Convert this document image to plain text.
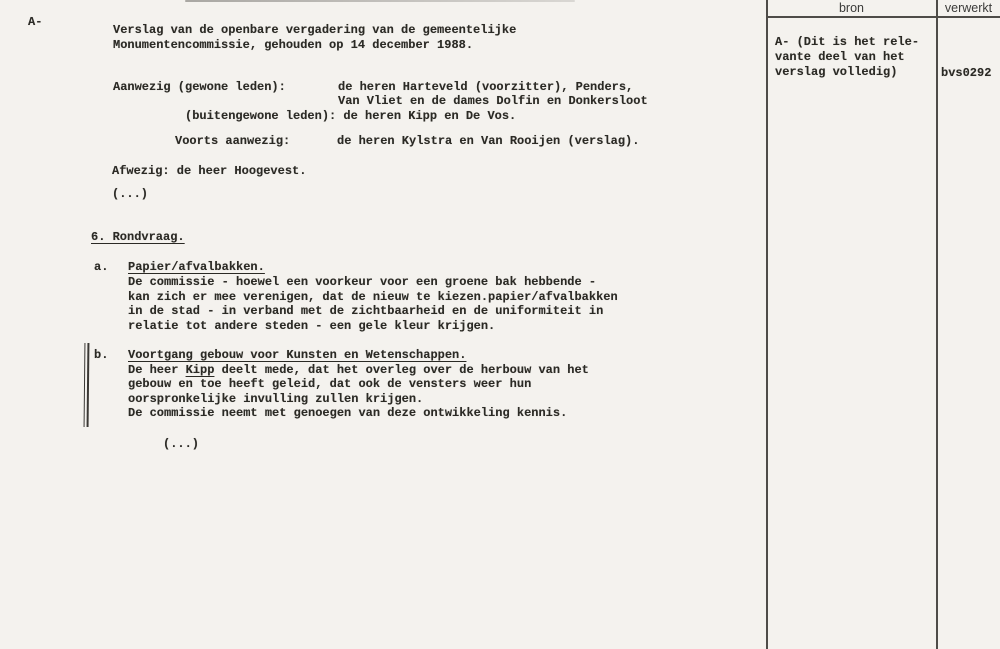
A-
Verslag van de openbare vergadering van de gemeentelijke
Monumentencommissie, gehouden op 14 december 1988.
Aanwezig (gewone leden):	de heren Harteveld (voorzitter), Penders,
Van Vliet en de dames Dolfin en Donkersloot
(buitengewone leden): de heren Kipp en De Vos.
Voorts aanwezig:	de heren Kylstra en Van Rooijen (verslag).
Afwezig: de heer Hoogevest.
(...)
6. Rondvraag.
a. Papier/afvalbakken.
De commissie - hoewel een voorkeur voor een groene bak hebbende -
kan zich er mee verenigen, dat de nieuw te kiezen.papier/afvalbakken
in de stad - in verband met de zichtbaarheid en de uniformiteit in
relatie tot andere steden - een gele kleur krijgen.
b. Voortgang gebouw voor Kunsten en Wetenschappen.
De heer Kipp deelt mede, dat het overleg over de herbouw van het
gebouw en toe heeft geleid, dat ook de vensters weer hun
oorspronkelijke invulling zullen krijgen.
De commissie neemt met genoegen van deze ontwikkeling kennis.
(...)
bron	verwerkt
A- (Dit is het rele-
vante deel van het
verslag volledig)	bvs0292
